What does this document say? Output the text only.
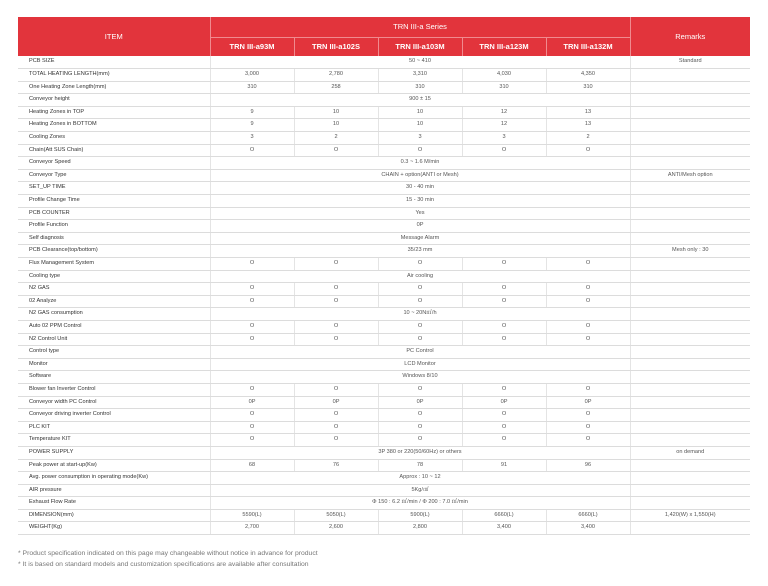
ITEM	TRN III-a Series					Remarks
	TRN III-a93M	TRN III-a102S	TRN III-a103M	TRN III-a123M	TRN III-a132M	
PCB SIZE	50 ~ 410					Standard
TOTAL HEATING LENGTH(mm)	3,000	2,780	3,310	4,030	4,350	
One Heating Zone Length(mm)	310	258	310	310	310	
Conveyor height	900 ± 15					
Heating Zones in TOP	9	10	10	12	13	
Heating Zones in BOTTOM	9	10	10	12	13	
Cooling Zones	3	2	3	3	2	
Chain(Att SUS Chain)	O	O	O	O	O	
Conveyor Speed	0.3 ~ 1.6 M/min					
Conveyor Type	CHAIN + option(ANTI or Mesh)					ANTI/Mesh option
SET_UP TIME	30 - 40 min					
Profile Change Time	15 - 30 min					
PCB COUNTER	Yes					
Profile Function	0P					
Self diagnosis	Message Alarm					
PCB Clearance(top/bottom)	35/23 mm					Mesh only : 30
Flux Management System	O	O	O	O	O	
Cooling type	Air cooling					
N2 GAS	O	O	O	O	O	
02 Analyze	O	O	O	O	O	
N2 GAS consumption	10 ~ 20N㎥/h					
Auto 02 PPM Control	O	O	O	O	O	
N2 Control Unit	O	O	O	O	O	
Control type	PC Control					
Monitor	LCD Monitor					
Software	Windows 8/10					
Blower fan Inverter Control	O	O	O	O	O	
Conveyor width PC Control	0P	0P	0P	0P	0P	
Conveyor driving inverter Control	O	O	O	O	O	
PLC KIT	O	O	O	O	O	
Temperature KIT	O	O	O	O	O	
POWER SUPPLY	3P 380 or 220(50/60Hz) or others					on demand
Peak power at start-up(Kw)	68	76	78	91	96	
Avg. power consumption in operating mode(Kw)	Approx : 10 ~ 12					
AIR pressure	5Kg/㎠					
Exhaust Flow Rate	Φ 150 : 6.2 ㎥/min / Φ 200 : 7.0 ㎥/min					
DIMENSION(mm)	5590(L)	5050(L)	5900(L)	6660(L)	6660(L)	1,420(W) x 1,550(H)
WEIGHT(Kg)	2,700	2,600	2,800	3,400	3,400	
* Product specification indicated on this page may changeable without notice in advance for product
* It is based on standard models and customization specifications are available after consultation
